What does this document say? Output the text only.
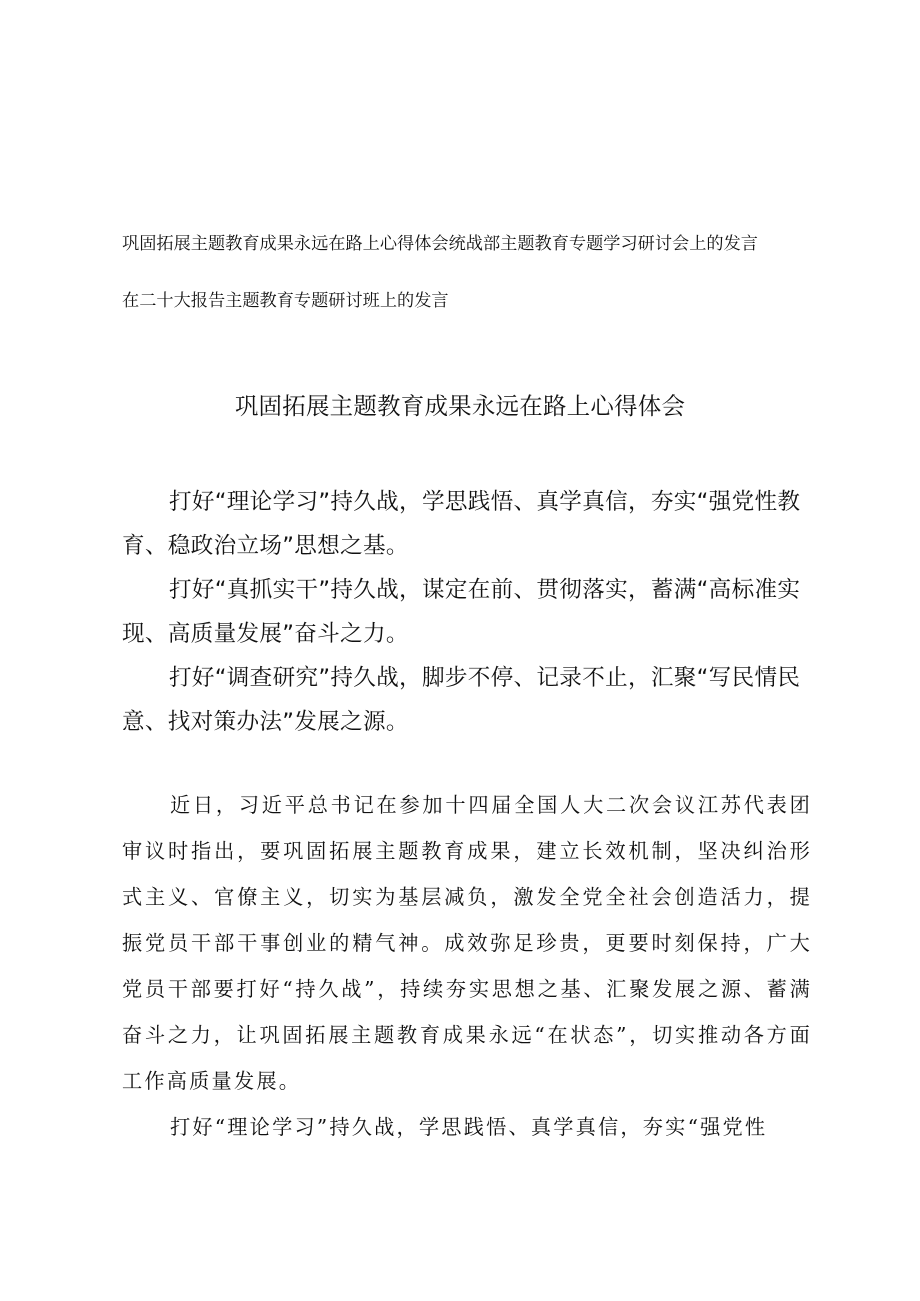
巩固拓展主题教育成果永远在路上心得体会统战部主题教育专题学习研讨会上的发言
在二十大报告主题教育专题研讨班上的发言
巩固拓展主题教育成果永远在路上心得体会

打好“理论学习”持久战，学思践悟、真学真信，夯实“强党性教育、稳政治立场”思想之基。

打好“真抓实干”持久战，谋定在前、贯彻落实，蓄满“高标准实现、高质量发展”奋斗之力。

打好“调查研究”持久战，脚步不停、记录不止，汇聚“写民情民意、找对策办法”发展之源。

近日，习近平总书记在参加十四届全国人大二次会议江苏代表团审议时指出，要巩固拓展主题教育成果，建立长效机制，坚决纠治形式主义、官僚主义，切实为基层减负，激发全党全社会创造活力，提振党员干部干事创业的精气神。成效弥足珍贵，更要时刻保持，广大党员干部要打好“持久战”，持续夯实思想之基、汇聚发展之源、蓄满奋斗之力，让巩固拓展主题教育成果永远“在状态”，切实推动各方面工作高质量发展。

打好“理论学习”持久战，学思践悟、真学真信，夯实“强党性
